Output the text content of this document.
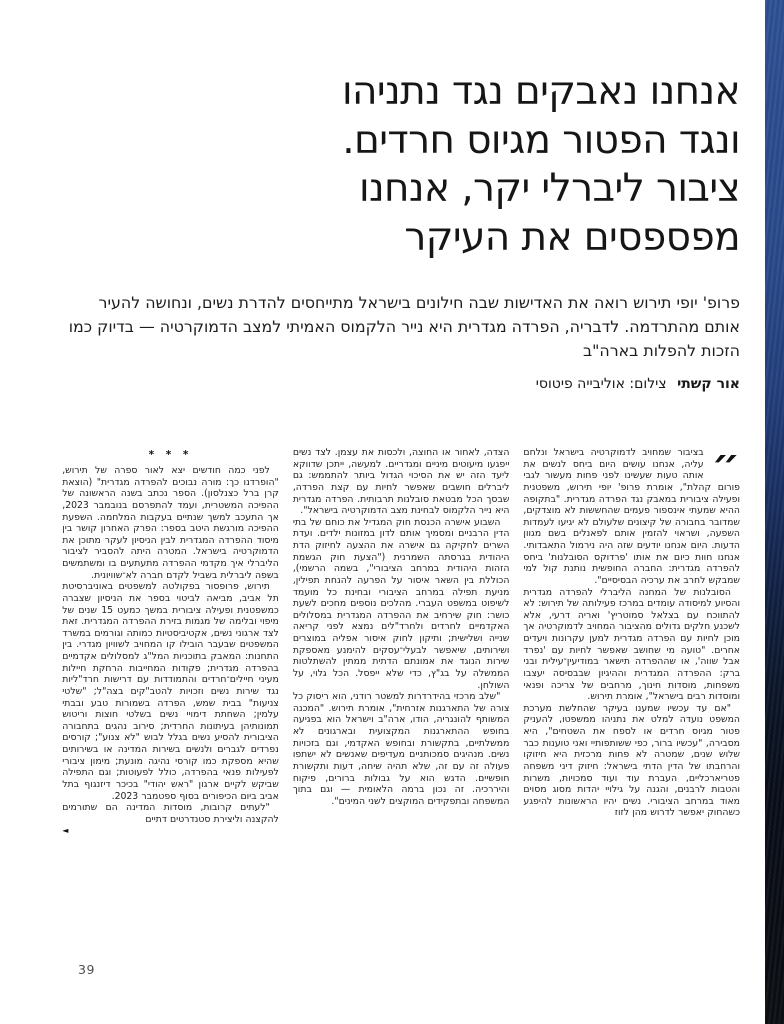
אנחנו נאבקים נגד נתניהו
ונגד הפטור מגיוס חרדים.
ציבור ליברלי יקר, אנחנו
מפספסים את העיקר

פרופ' יופי תירוש רואה את האדישות שבה חילונים בישראל מתייחסים להדרת נשים, ונחושה להעיר אותם מהתרדמה. לדבריה, הפרדה מגדרית היא נייר הלקמוס האמיתי למצב הדמוקרטיה — בדיוק כמו הזכות להפלות בארה"ב

אור קשתי צילום: אוליבייה פיטוסי

״
בציבור שמחויב לדמוקרטיה בישראל ונלחם עליה, אנחנו עושים היום ביחס לנשים את אותה טעות שעשינו לפני פחות מעשור לגבי פורום קהלת", אומרת פרופ' יופי תירוש, משפטנית ופעילה ציבורית במאבק נגד הפרדה מגדרית. "בתקופה ההיא שמעתי אינספור פעמים שהחששות לא מוצדקים, שמדובר בחבורה של קיצונים שלעולם לא יגיעו לעמדות השפעה, ושראוי להזמין אותם לפאנלים בשם מגוון הדעות. היום אנחנו יודעים שזה היה נירמול התאבדותי. אנחנו חוות כיום את אותו 'פרדוקס הסובלנות' ביחס להפרדה מגדרית: החברה החופשית נותנת קול למי שמבקש לחרב את ערכיה הבסיסיים".

הסובלנות של המחנה הליברלי להפרדה מגדרית והסיוע למיסודה עומדים במרכז פעילותה של תירוש: לא להתווכח עם בצלאל סמוטריץ' ואריה דרעי, אלא לשכנע חלקים גדולים מהציבור המחויב לדמוקרטיה אך מוכן לחיות עם הפרדה מגדרית למען עקרונות ויעדים אחרים. "טועה מי שחושב שאפשר לחיות עם 'נפרד אבל שווה', או שההפרדה תישאר במודיעין־עילית ובני ברק: ההפרדה המגדרית וההיגיון שבבסיסה יעצבו משפחות, מוסדות חינוך, מרחבים של צריכה ופנאי ומוסדות רבים בישראל", אומרת תירוש.

"אם עד עכשיו שמענו בעיקר שהחלשת מערכת המשפט נועדה למלט את נתניהו ממשפטו, להעניק פטור מגיוס חרדים או לספח את השטחים", היא מסבירה, "עכשיו ברור, כפי ששותפותיי ואני טוענות כבר שלוש שנים, שמטרה לא פחות מרכזית היא חיזוקו והרחבתו של הדין הדתי בישראל: חיזוק דיני משפחה פטריארכליים, העברת עוד ועוד סמכויות, משרות והטבות לרבנים, והגנה על גילויי יהדות מסוג מסוים מאוד במרחב הציבורי. נשים יהיו הראשונות להיפגע כשהחוק יאפשר לדרוש מהן לזוז

הצדה, לאחור או החוצה, ולכסות את עצמן. לצד נשים ייפגעו מיעוטים מיניים ומגדריים. למעשה, ייתכן שדווקא ליעד הזה יש את הסיכוי הגדול ביותר להתממש: גם ליברלים חושבים שאפשר לחיות עם קצת הפרדה, שבסך הכל מבטאת סובלנות תרבותית. הפרדה מגדרית היא נייר הלקמוס לבחינת מצב הדמוקרטיה בישראל".

השבוע אישרה הכנסת חוק המגדיל את כוחם של בתי הדין הרבניים ומסמיך אותם לדון במזונות ילדים. ועדת השרים לחקיקה גם אישרה את ההצעה לחיזוק הדת היהודית בגרסתה השמרנית ("הצעת חוק הגשמת הזהות היהודית במרחב הציבורי", בשמה הרשמי), הכוללת בין השאר איסור על הפרעה להנחת תפילין, מניעת תפילה במרחב הציבורי ובחינת כל מועמד לשיפוט במשפט העברי. מהלכים נוספים מחכים לשעת כושר: חוק שירחיב את ההפרדה המגדרית במסלולים האקדמיים לחרדים ולחרד"לים נמצא לפני קריאה שנייה ושלישית; ותיקון לחוק איסור אפליה במוצרים ושירותים, שיאפשר לבעלי־עסקים להימנע מאספקת שירות הנוגד את אמונתם הדתית ממתין להשתלטות הממשלה על בג"ץ, כדי שלא ייפסל. הכל גלוי, על השולחן.

"שלב מרכזי בהידרדרות למשטר רודני, הוא ריסוק כל צורה של התארגנות אזרחית", אומרת תירוש. "המכנה המשותף להונגריה, הודו, ארה"ב וישראל הוא בפגיעה בחופש ההתארגנות המקצועית ובארגונים לא ממשלתיים, בתקשורת ובחופש האקדמי, וגם בזכויות נשים. מנהיגים סמכותניים מעדיפים שאנשים לא ישתפו פעולה זה עם זה, שלא תהיה שיחה, דעות ותקשורת חופשיים. הדגש הוא על גבולות ברורים, פיקוח והיררכיה. זה נכון ברמה הלאומית — וגם בתוך המשפחה ובתפקידים המוקצים לשני המינים".

* * *

לפני כמה חודשים יצא לאור ספרה של תירוש, "הופרדנו כך: מורה נבוכים להפרדה מגדרית" (הוצאת קרן ברל כצנלסון). הספר נכתב בשנה הראשונה של ההפיכה המשטרית, ועמד להתפרסם בנובמבר 2023, אך התעכב למשך שנתיים בעקבות המלחמה. השפעת ההפיכה מורגשת היטב בספר: הפרק האחרון קושר בין מיסוד ההפרדה המגדרית לבין הניסיון לעקר מתוכן את הדמוקרטיה בישראל. המטרה היתה להסביר לציבור הליברלי איך מקדמי ההפרדה מתעתעים בו ומשתמשים בשפה ליברלית בשביל לקדם חברה לא־שוויונית.

תירוש, פרופסור בפקולטה למשפטים באוניברסיטת תל אביב, מביאה לביטוי בספר את הניסיון שצברה כמשפטנית ופעילה ציבורית במשך כמעט 15 שנים של מיפוי ובלימה של מגמות בזירת ההפרדה המגדרית. זאת לצד ארגוני נשים, אקטיביסטיות כמותה וגורמים במשרד המשפטים שבעבר הובילו קו המחויב לשוויון מגדרי. בין התחנות: המאבק בתוכניות המל"ג למסלולים אקדמיים בהפרדה מגדרית; פקודות המחייבות הרחקת חיילות מעיני חיילים־חרדים והתמודדות עם דרישות חרד"ליות נגד שירות נשים וזכויות להטב"קים בצה"ל; "שלטי צניעות" בבית שמש, הפרדה בשמורות טבע ובבתי עלמין; השחתת דימויי נשים בשלטי חוצות וריטוש תמונותיהן בעיתונות החרדית; סירוב נהגים בתחבורה הציבורית להסיע נשים בגלל לבוש "לא צנוע"; קורסים נפרדים לגברים ולנשים בשירות המדינה או בשירותים שהיא מספקת כמו קורסי נהיגה מונעת; מימון ציבורי לפעילות פנאי בהפרדה, כולל לפעוטות; וגם התפילה שביקש לקיים ארגון "ראש יהודי" בכיכר דיזנגוף בתל אביב ביום הכיפורים בסוף ספטמבר 2023.

"לעתים קרובות, מוסדות המדינה הם שתורמים להקצנה וליצירת סטנדרטים דתיים

◄
39
